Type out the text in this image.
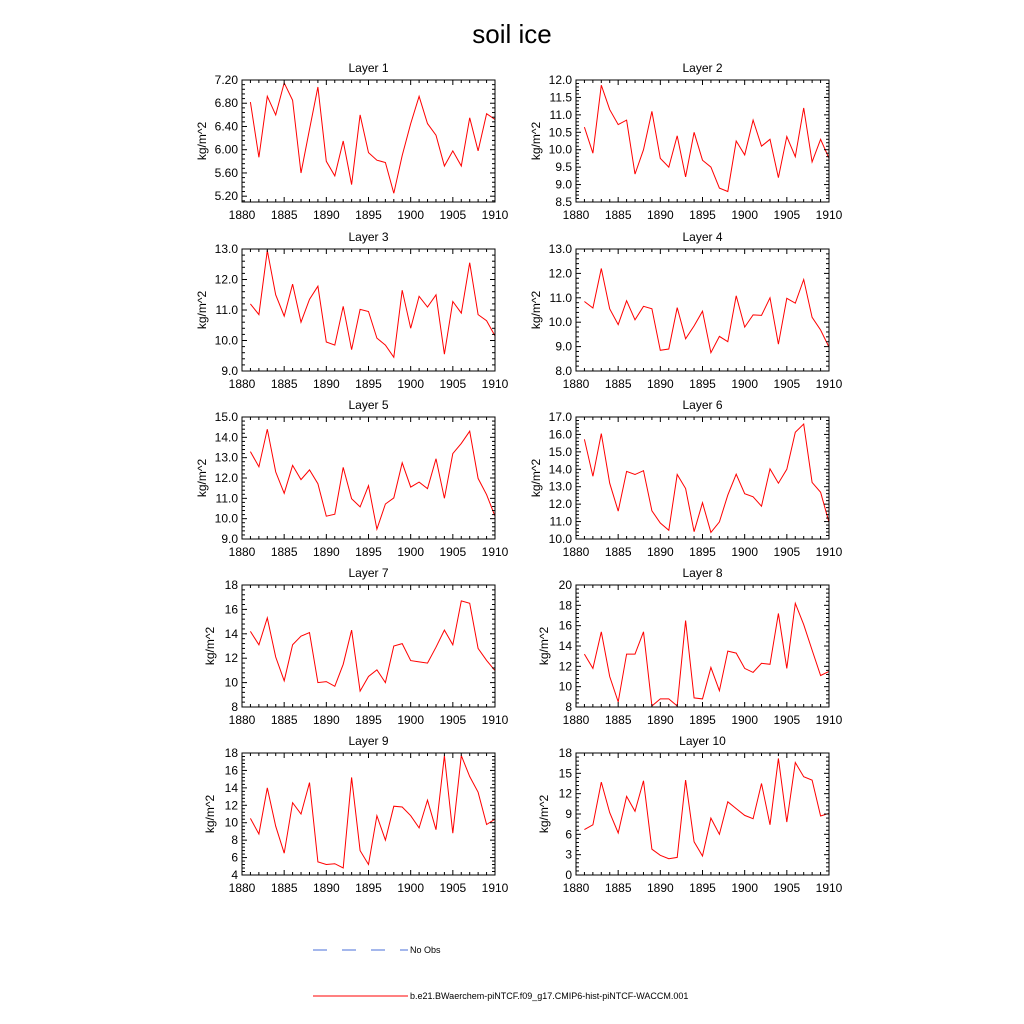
soil ice
Layer 1
1880 1885 1890 1895 1900 1905 1910
5.20
5.60
6.00
6.40
6.80
7.20
kg/m^2
Layer 2
1880 1885 1890 1895 1900 1905 1910
8.5
9.0
9.5
10.0
10.5
11.0
11.5
12.0
kg/m^2
Layer 3
1880 1885 1890 1895 1900 1905 1910
9.0
10.0
11.0
12.0
13.0
kg/m^2
Layer 4
1880 1885 1890 1895 1900 1905 1910
8.0
9.0
10.0
11.0
12.0
13.0
kg/m^2
Layer 5
1880 1885 1890 1895 1900 1905 1910
9.0
10.0
11.0
12.0
13.0
14.0
15.0
kg/m^2
Layer 6
1880 1885 1890 1895 1900 1905 1910
10.0
11.0
12.0
13.0
14.0
15.0
16.0
17.0
kg/m^2
Layer 7
1880 1885 1890 1895 1900 1905 1910
8
10
12
14
16
18
kg/m^2
Layer 8
1880 1885 1890 1895 1900 1905 1910
8
10
12
14
16
18
20
kg/m^2
Layer 9
1880 1885 1890 1895 1900 1905 1910
4
6
8
10
12
14
16
18
kg/m^2
Layer 10
1880 1885 1890 1895 1900 1905 1910
0
3
6
9
12
15
18
kg/m^2
No Obs
b.e21.BWaerchem-piNTCF.f09_g17.CMIP6-hist-piNTCF-WACCM.001
